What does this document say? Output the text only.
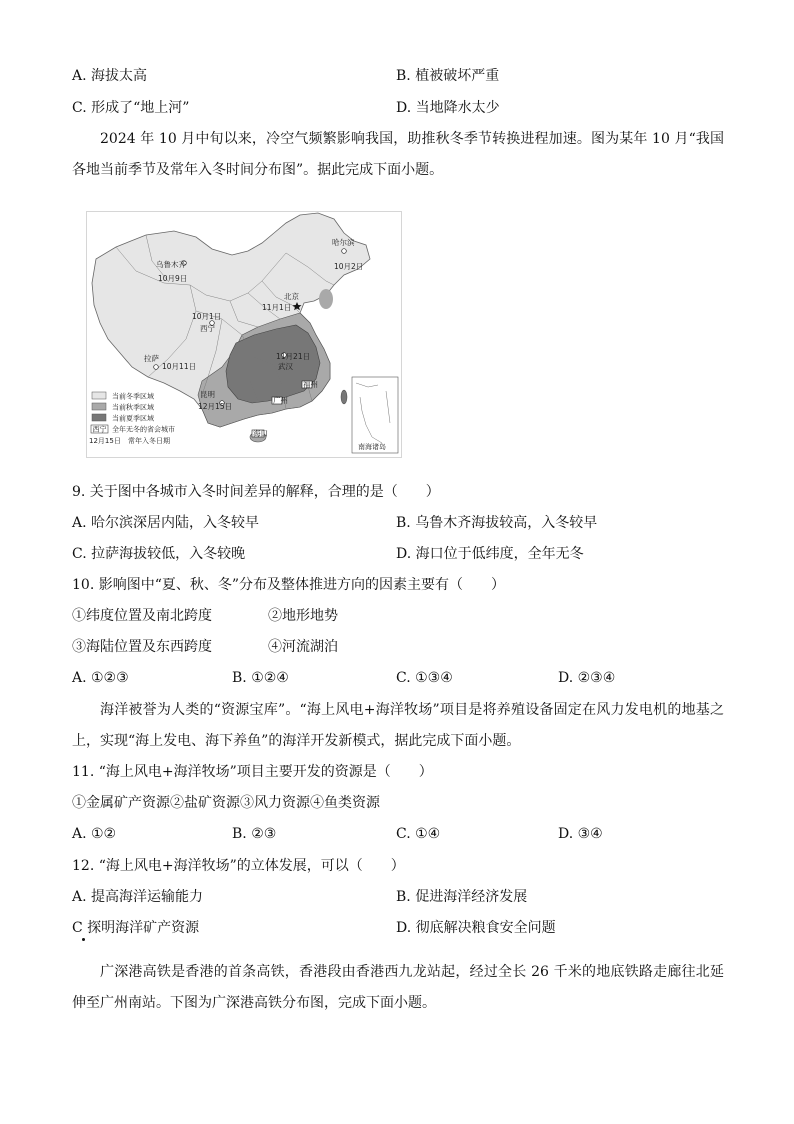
A. 海拔太高	B. 植被破坏严重
C. 形成了“地上河”	D. 当地降水太少

2024 年 10 月中旬以来，冷空气频繁影响我国，助推秋冬季节转换进程加速。图为某年 10 月“我国各地当前季节及常年入冬时间分布图”。据此完成下面小题。

南海诸岛
乌鲁木齐
10月9日
哈尔滨
10月2日
北京
11月1日
10月1日
西宁
拉萨
10月11日
11月21日
武汉
福州
昆明
12月15日
广州
海口
当前冬季区域
当前秋季区域
当前夏季区域
西宁 全年无冬的省会城市
12月15日 常年入冬日期
9. 关于图中各城市入冬时间差异的解释，合理的是（　　）
A. 哈尔滨深居内陆，入冬较早	B. 乌鲁木齐海拔较高，入冬较早
C. 拉萨海拔较低，入冬较晚	D. 海口位于低纬度，全年无冬
10. 影响图中“夏、秋、冬”分布及整体推进方向的因素主要有（　　）
①纬度位置及南北跨度	②地形地势
③海陆位置及东西跨度	④河流湖泊
A. ①②③	B. ①②④	C. ①③④	D. ②③④

海洋被誉为人类的“资源宝库”。“海上风电+海洋牧场”项目是将养殖设备固定在风力发电机的地基之上，实现“海上发电、海下养鱼”的海洋开发新模式，据此完成下面小题。

11. “海上风电+海洋牧场”项目主要开发的资源是（　　）
①金属矿产资源②盐矿资源③风力资源④鱼类资源
A. ①②	B. ②③	C. ①④	D. ③④
12. “海上风电+海洋牧场”的立体发展，可以（　　）
A. 提高海洋运输能力	B. 促进海洋经济发展
C 探明海洋矿产资源	D. 彻底解决粮食安全问题

广深港高铁是香港的首条高铁，香港段由香港西九龙站起，经过全长 26 千米的地底铁路走廊往北延伸至广州南站。下图为广深港高铁分布图，完成下面小题。
